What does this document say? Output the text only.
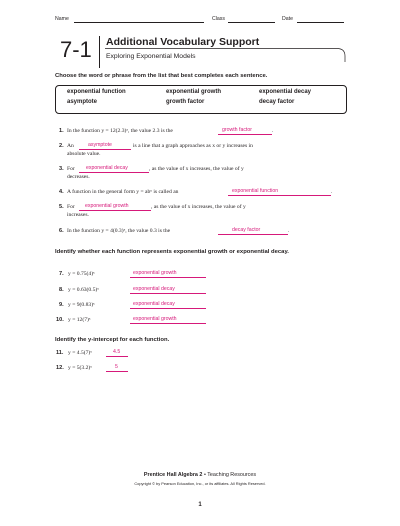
Name	Class	Date
7-1 Additional Vocabulary Support
Exploring Exponential Models
Choose the word or phrase from the list that best completes each sentence.
exponential function	exponential growth	exponential decay
asymptote	growth factor	decay factor
1. In the function y = 12(2.3)ˣ, the value 2.3 is the	growth factor	.
2. An	asymptote	is a line that a graph approaches as x or y increases in
absolute value.
3. For exponential decay	, as the value of x increases, the value of y
decreases.
4. A function in the general form y = abˣ is called an	exponential function	.
5. For exponential growth	, as the value of x increases, the value of y
increases.
6. In the function y = 4(0.3)ˣ, the value 0.3 is the	decay factor	.
Identify whether each function represents exponential growth or exponential decay.
7. y = 0.75(4)ˣ	exponential growth
8. y = 0.63(0.5)ˣ	exponential decay
9. y = 9(0.83)ˣ	exponential decay
10. y = 12(7)ˣ	exponential growth
Identify the y-intercept for each function.
11. y = 4.5(7)ˣ	4.5
12. y = 5(3.2)ˣ	5
Prentice Hall Algebra 2 • Teaching Resources
Copyright © by Pearson Education, Inc., or its affiliates. All Rights Reserved.
1
